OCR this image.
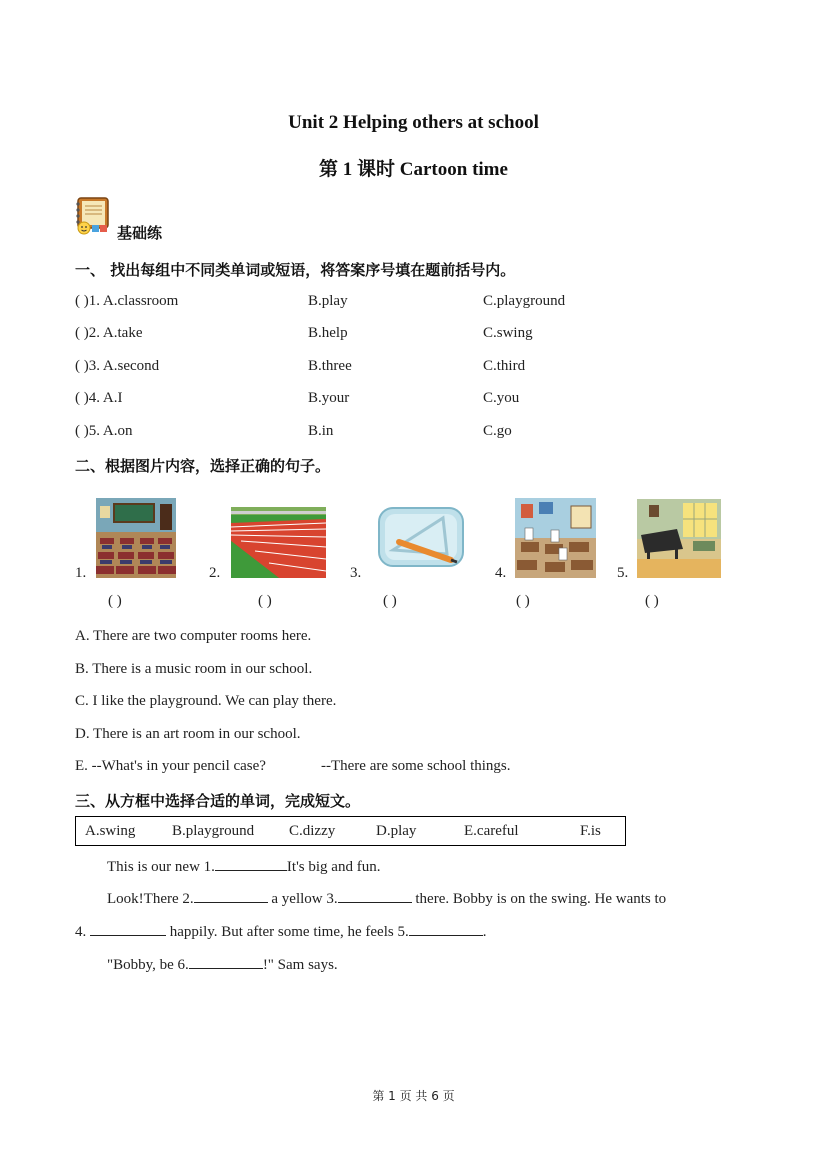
Unit 2 Helping others at school
第 1 课时 Cartoon time
基础练
一、 找出每组中不同类单词或短语，将答案序号填在题前括号内。
( )1. A.classroom	B.play	C.playground
( )2. A.take	B.help	C.swing
( )3. A.second	B.three	C.third
( )4. A.I	B.your	C.you
( )5. A.on	B.in	C.go
二、根据图片内容，选择正确的句子。
1.	2.	3.	4.	5.
( )	( )	( )	( )	( )
A. There are two computer rooms here.
B. There is a music room in our school.
C. I like the playground. We can play there.
D. There is an art room in our school.
E. --What's in your pencil case?	--There are some school things.
三、从方框中选择合适的单词，完成短文。
A.swing B.playground C.dizzy	D.play	E.careful	F.is
This is our new 1.	It's big and fun.
Look!There 2.	a yellow 3.	there. Bobby is on the swing. He wants to
4.	happily. But after some time, he feels 5.	.
"Bobby, be 6.	!" Sam says.
第 1 页 共 6 页
